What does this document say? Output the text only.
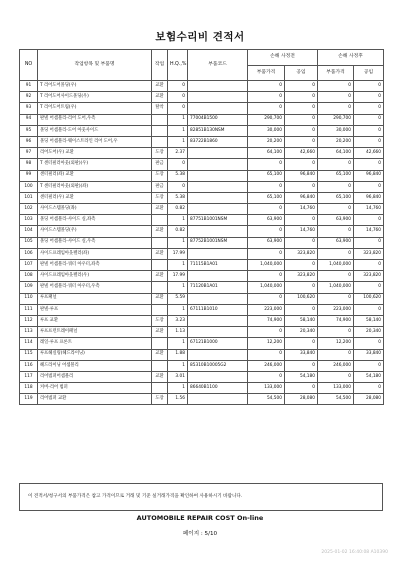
보험수리비 견적서
NO	작업항목 및 부품명	작업	H.Q.,%	부품코드	손해 사정전		손해 사정후	
					부품가격	공임	부품가격	공임
91	T 리어도어몰딩(우)	교환	0		0	0	0	0
92	T 리어도어사이드몰딩(우)	교환	0		0	0	0	0
93	T 리어도어트림(우)	탈착	0		0	0	0	0
94	판넬 어셈블리-리어 도어,우측		1	77004B1500	290,700	0	290,700	0
95	몰딩 어셈블리-도어 아웃사이드		1	82851B130NSM	30,000	0	30,000	0
96	몰딩 어셈블리-웨이스트라인 리어 도어,우		1	83722B1860	20,200	0	20,200	0
97	리어도어(우) 교환	도장	2.37		64,100	42,660	64,100	42,660
98	T 센터필러아웃(외판)(우)	판금	0		0	0	0	0
99	센터필러(좌) 교환	도장	5.38		65,100	96,840	65,100	96,840
100	T 센터필러아웃(외판)(좌)	판금	0		0	0	0	0
101	센터필러(우) 교환	도장	5.38		65,100	96,840	65,100	96,840
102	사이드스텝몰딩(좌)	교환	0.82		0	14,760	0	14,760
103	몰딩 어셈블리-사이드 실,좌측		1	87751B1001NSM	63,900	0	63,900	0
104	사이드스텝몰딩(우)	교환	0.82		0	14,760	0	14,760
105	몰딩 어셈블리-사이드 실,우측		1	87752B1001NSM	63,900	0	63,900	0
106	사이드프레임아웃펠러(좌)	교환	17.99		0	323,820	0	323,820
107	판넬 어셈블리-쿼터 아우터,좌측		1	71115B1A01	1,040,000	0	1,040,000	0
108	사이드프레임아웃펠러(우)	교환	17.99		0	323,820	0	323,820
109	판넬 어셈블리-쿼터 아우터,우측		1	71120B1A01	1,040,000	0	1,040,000	0
110	루프패널	교환	5.59		0	100,620	0	100,620
111	판넬-루프		1	67111B1010	223,000	0	223,000	0
112	루프 교환	도장	3.23		74,900	58,140	74,900	58,140
113	루프프런트레이패널	교환	1.13		0	20,340	0	20,340
114	레일-루프 프론트		1	67121B1000	12,200	0	12,200	0
115	루프헤실링(헤드라이닝)	교환	1.88		0	33,840	0	33,840
116	헤드라이닝 어셈블리		1	85310B10005G2	246,000	0	246,000	0
117	리어범퍼어셈블리	교환	3.01		0	54,180	0	54,180
118	커버-리어 범퍼		1	86640B1100	133,000	0	133,000	0
119	리어범퍼 교환	도장	1.56		54,500	28,080	54,500	28,080
이 견적서/청구서의 부품가격은 참고 가격이므로 거래 및 기준 실거래가격을 확인하여 사용하시기 바랍니다.
AUTOMOBILE REPAIR COST On-line
페이지 : 5/10
2025-01-02 16:40:08 A10390
